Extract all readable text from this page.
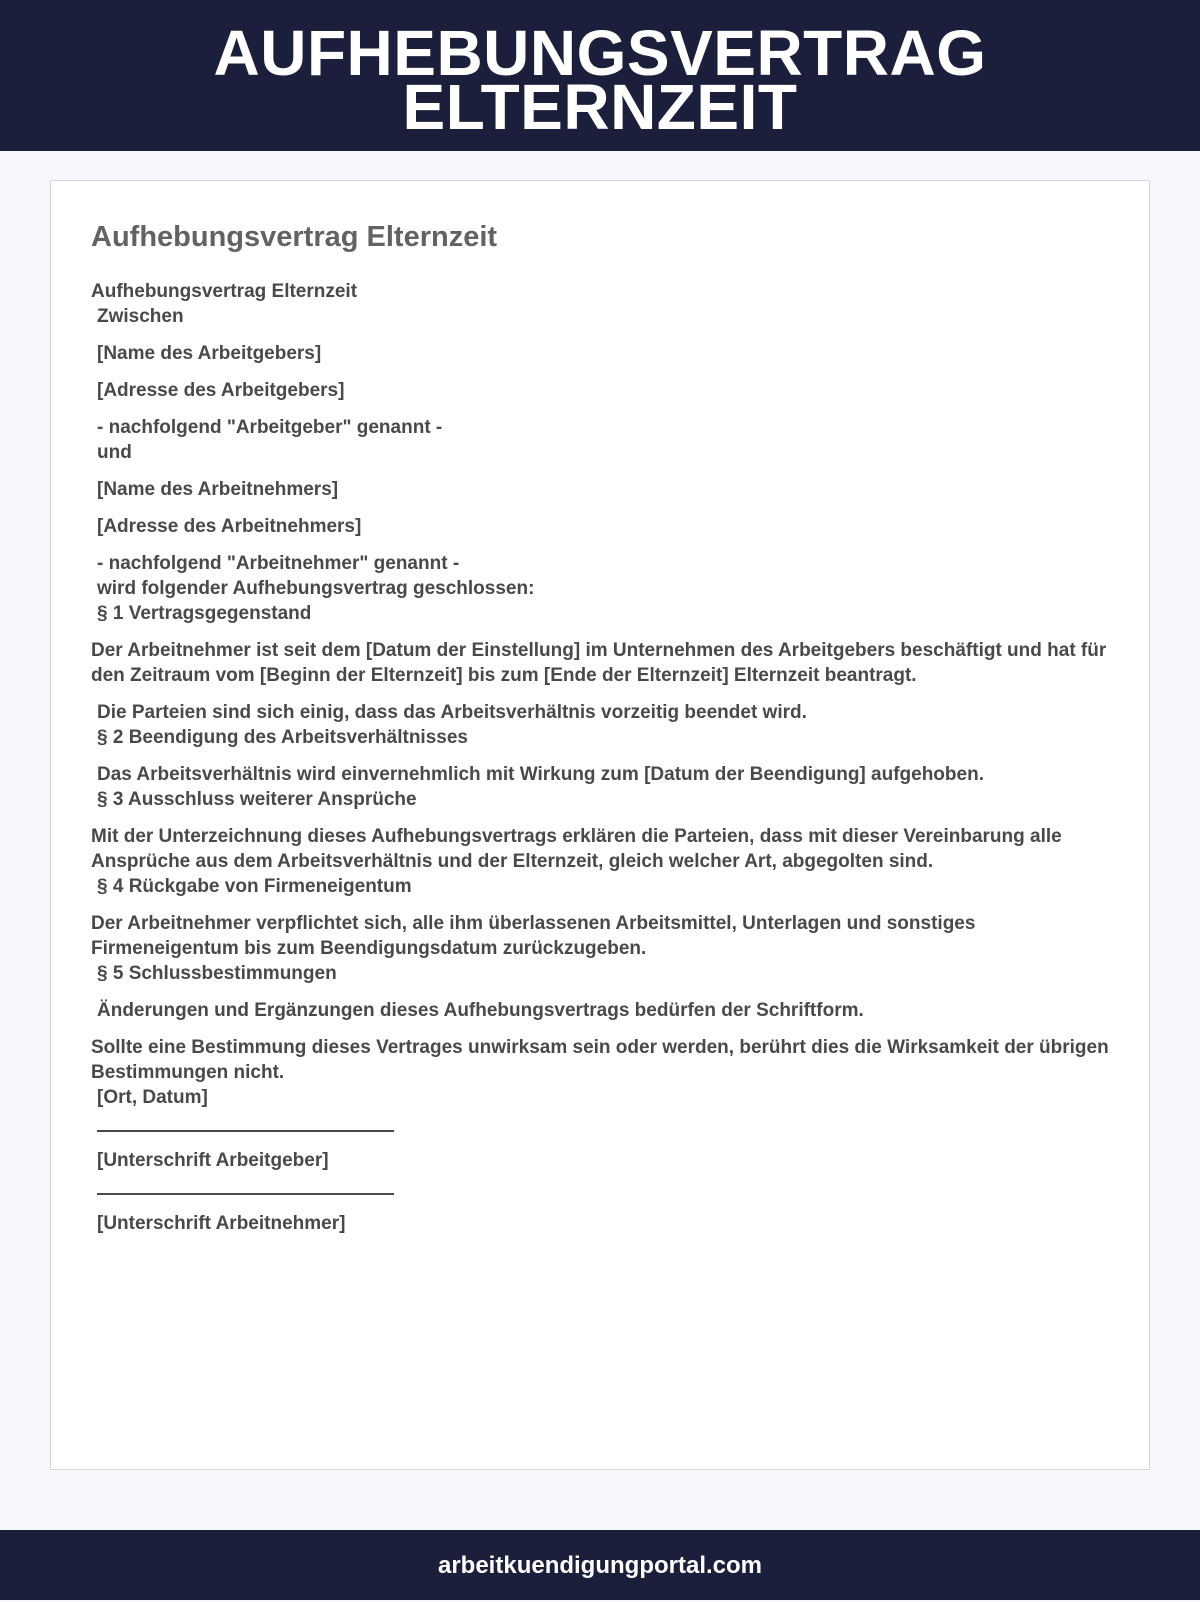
AUFHEBUNGSVERTRAG
ELTERNZEIT
Aufhebungsvertrag Elternzeit
Aufhebungsvertrag Elternzeit
Zwischen
[Name des Arbeitgebers]
[Adresse des Arbeitgebers]
- nachfolgend "Arbeitgeber" genannt -
und
[Name des Arbeitnehmers]
[Adresse des Arbeitnehmers]
- nachfolgend "Arbeitnehmer" genannt -
wird folgender Aufhebungsvertrag geschlossen:
§ 1 Vertragsgegenstand
Der Arbeitnehmer ist seit dem [Datum der Einstellung] im Unternehmen des Arbeitgebers beschäftigt und hat für den Zeitraum vom [Beginn der Elternzeit] bis zum [Ende der Elternzeit] Elternzeit beantragt.
Die Parteien sind sich einig, dass das Arbeitsverhältnis vorzeitig beendet wird.
§ 2 Beendigung des Arbeitsverhältnisses
Das Arbeitsverhältnis wird einvernehmlich mit Wirkung zum [Datum der Beendigung] aufgehoben.
§ 3 Ausschluss weiterer Ansprüche
Mit der Unterzeichnung dieses Aufhebungsvertrags erklären die Parteien, dass mit dieser Vereinbarung alle Ansprüche aus dem Arbeitsverhältnis und der Elternzeit, gleich welcher Art, abgegolten sind.
§ 4 Rückgabe von Firmeneigentum
Der Arbeitnehmer verpflichtet sich, alle ihm überlassenen Arbeitsmittel, Unterlagen und sonstiges Firmeneigentum bis zum Beendigungsdatum zurückzugeben.
§ 5 Schlussbestimmungen
Änderungen und Ergänzungen dieses Aufhebungsvertrags bedürfen der Schriftform.
Sollte eine Bestimmung dieses Vertrages unwirksam sein oder werden, berührt dies die Wirksamkeit der übrigen Bestimmungen nicht.
[Ort, Datum]
[Unterschrift Arbeitgeber]
[Unterschrift Arbeitnehmer]
arbeitkuendigungportal.com
